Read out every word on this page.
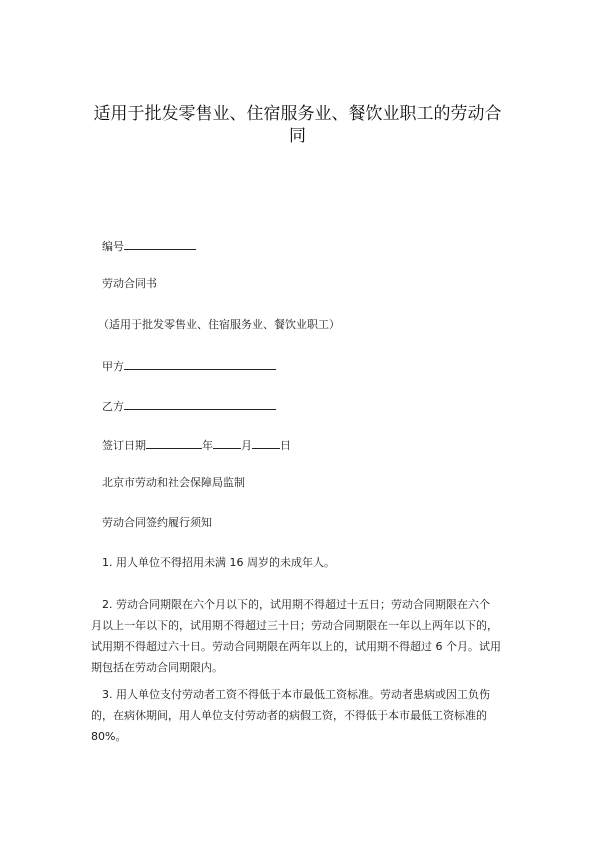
适用于批发零售业、住宿服务业、餐饮业职工的劳动合
同
编号
劳动合同书
（适用于批发零售业、住宿服务业、餐饮业职工）
甲方
乙方
签订日期	年	月	日
北京市劳动和社会保障局监制
劳动合同签约履行须知
1. 用人单位不得招用未满 16 周岁的未成年人。
2. 劳动合同期限在六个月以下的，试用期不得超过十五日；劳动合同期限在六个
月以上一年以下的，试用期不得超过三十日；劳动合同期限在一年以上两年以下的，
试用期不得超过六十日。劳动合同期限在两年以上的，试用期不得超过 6 个月。试用
期包括在劳动合同期限内。
3. 用人单位支付劳动者工资不得低于本市最低工资标准。劳动者患病或因工负伤
的，在病休期间，用人单位支付劳动者的病假工资，不得低于本市最低工资标准的
80%。
